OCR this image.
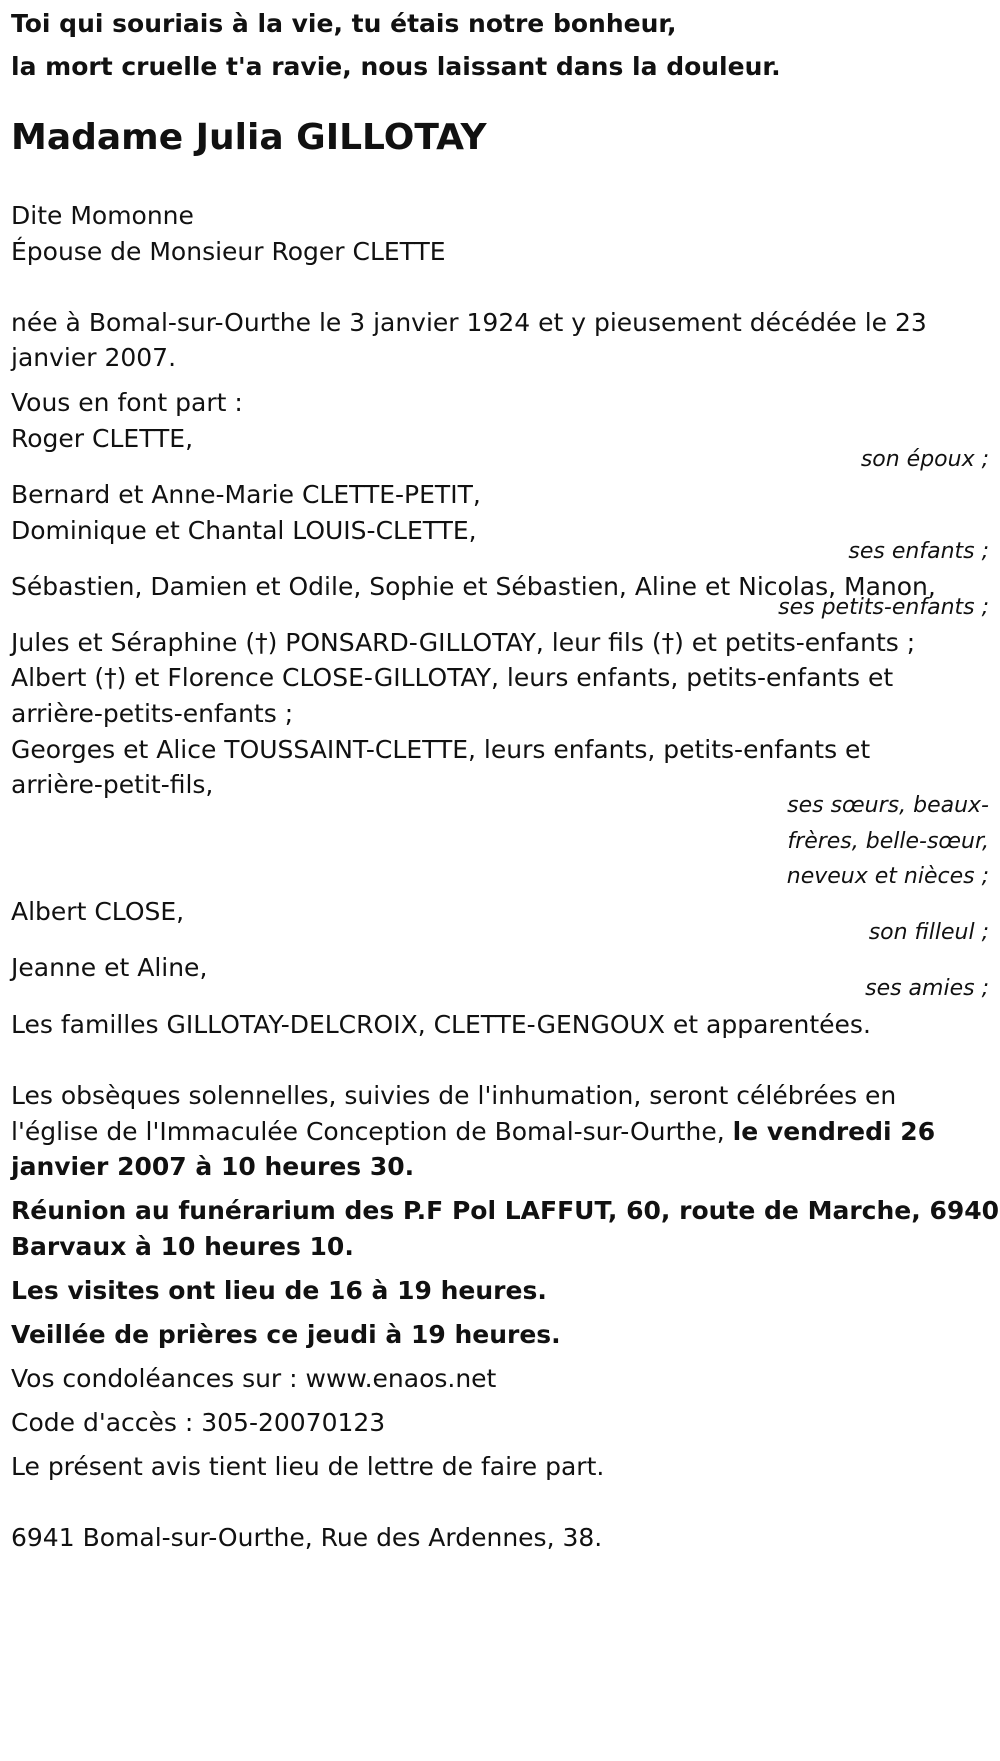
Toi qui souriais à la vie, tu étais notre bonheur,
la mort cruelle t'a ravie, nous laissant dans la douleur.
Madame Julia GILLOTAY
Dite Momonne
Épouse de Monsieur Roger CLETTE
née à Bomal-sur-Ourthe le 3 janvier 1924 et y pieusement décédée le 23
janvier 2007.
Vous en font part :
Roger CLETTE,
son époux ;
Bernard et Anne-Marie CLETTE-PETIT,
Dominique et Chantal LOUIS-CLETTE,
ses enfants ;
Sébastien, Damien et Odile, Sophie et Sébastien, Aline et Nicolas, Manon,
ses petits-enfants ;
Jules et Séraphine (†) PONSARD-GILLOTAY, leur fils (†) et petits-enfants ;
Albert (†) et Florence CLOSE-GILLOTAY, leurs enfants, petits-enfants et
arrière-petits-enfants ;
Georges et Alice TOUSSAINT-CLETTE, leurs enfants, petits-enfants et
arrière-petit-fils,
ses sœurs, beaux-
frères, belle-sœur,
neveux et nièces ;
Albert CLOSE,
son filleul ;
Jeanne et Aline,
ses amies ;
Les familles GILLOTAY-DELCROIX, CLETTE-GENGOUX et apparentées.
Les obsèques solennelles, suivies de l'inhumation, seront célébrées en
l'église de l'Immaculée Conception de Bomal-sur-Ourthe, le vendredi 26
janvier 2007 à 10 heures 30.
Réunion au funérarium des P.F Pol LAFFUT, 60, route de Marche, 6940
Barvaux à 10 heures 10.
Les visites ont lieu de 16 à 19 heures.
Veillée de prières ce jeudi à 19 heures.
Vos condoléances sur : www.enaos.net
Code d'accès : 305-20070123
Le présent avis tient lieu de lettre de faire part.
6941 Bomal-sur-Ourthe, Rue des Ardennes, 38.
